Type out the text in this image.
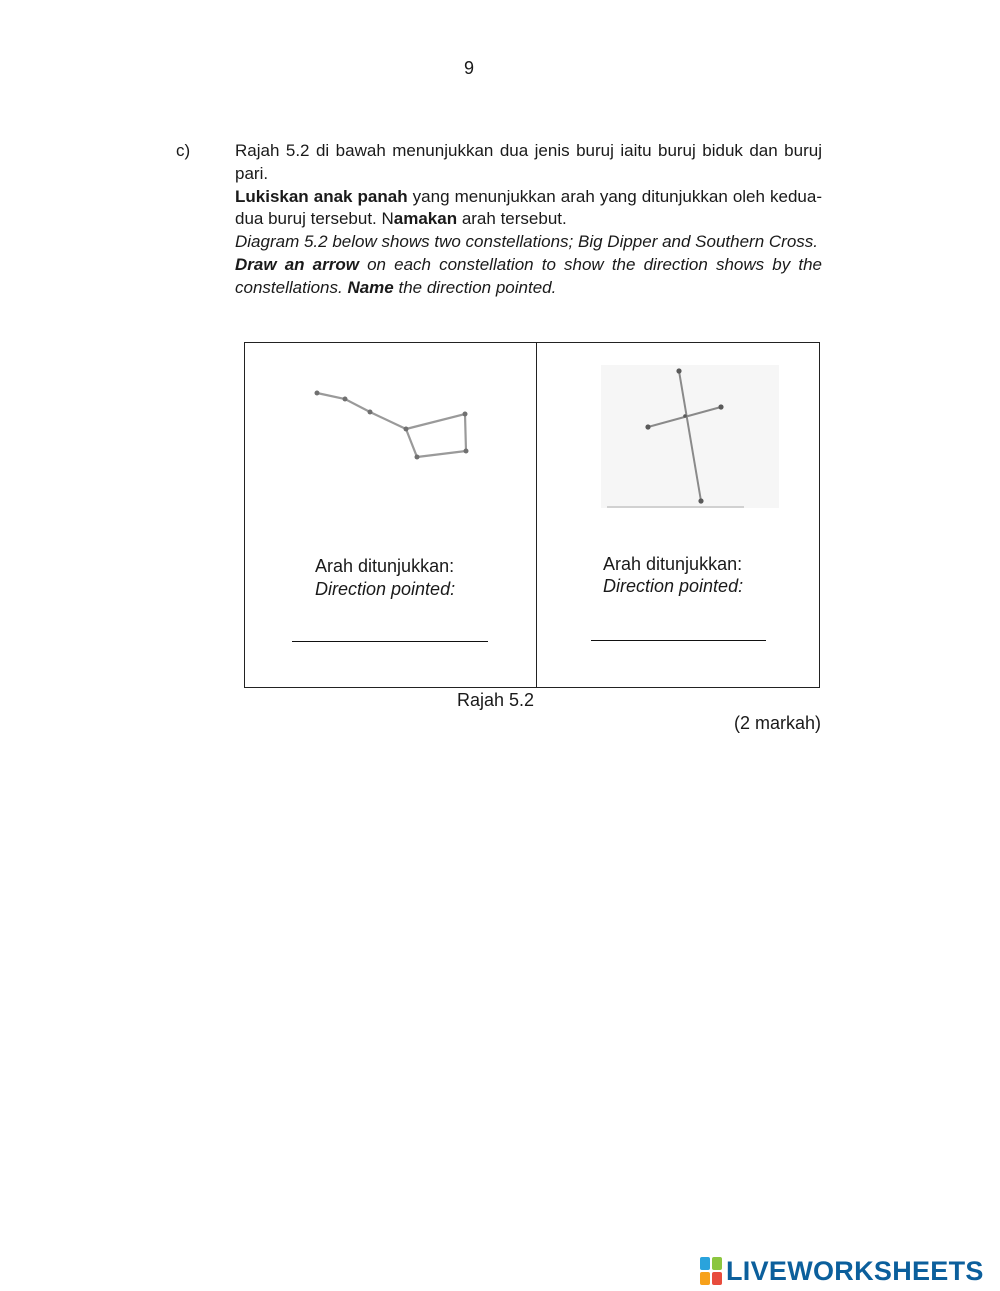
9
c)	Rajah 5.2 di bawah menunjukkan dua jenis buruj iaitu buruj biduk dan buruj pari.

Lukiskan anak panah yang menunjukkan arah yang ditunjukkan oleh kedua-dua buruj tersebut. Namakan arah tersebut.

Diagram 5.2 below shows two constellations; Big Dipper and Southern Cross.

Draw an arrow on each constellation to show the direction shows by the constellations. Name the direction pointed.

Arah ditunjukkan:
Direction pointed:
Arah ditunjukkan:
Direction pointed:
Rajah 5.2
(2 markah)
LIVEWORKSHEETS
